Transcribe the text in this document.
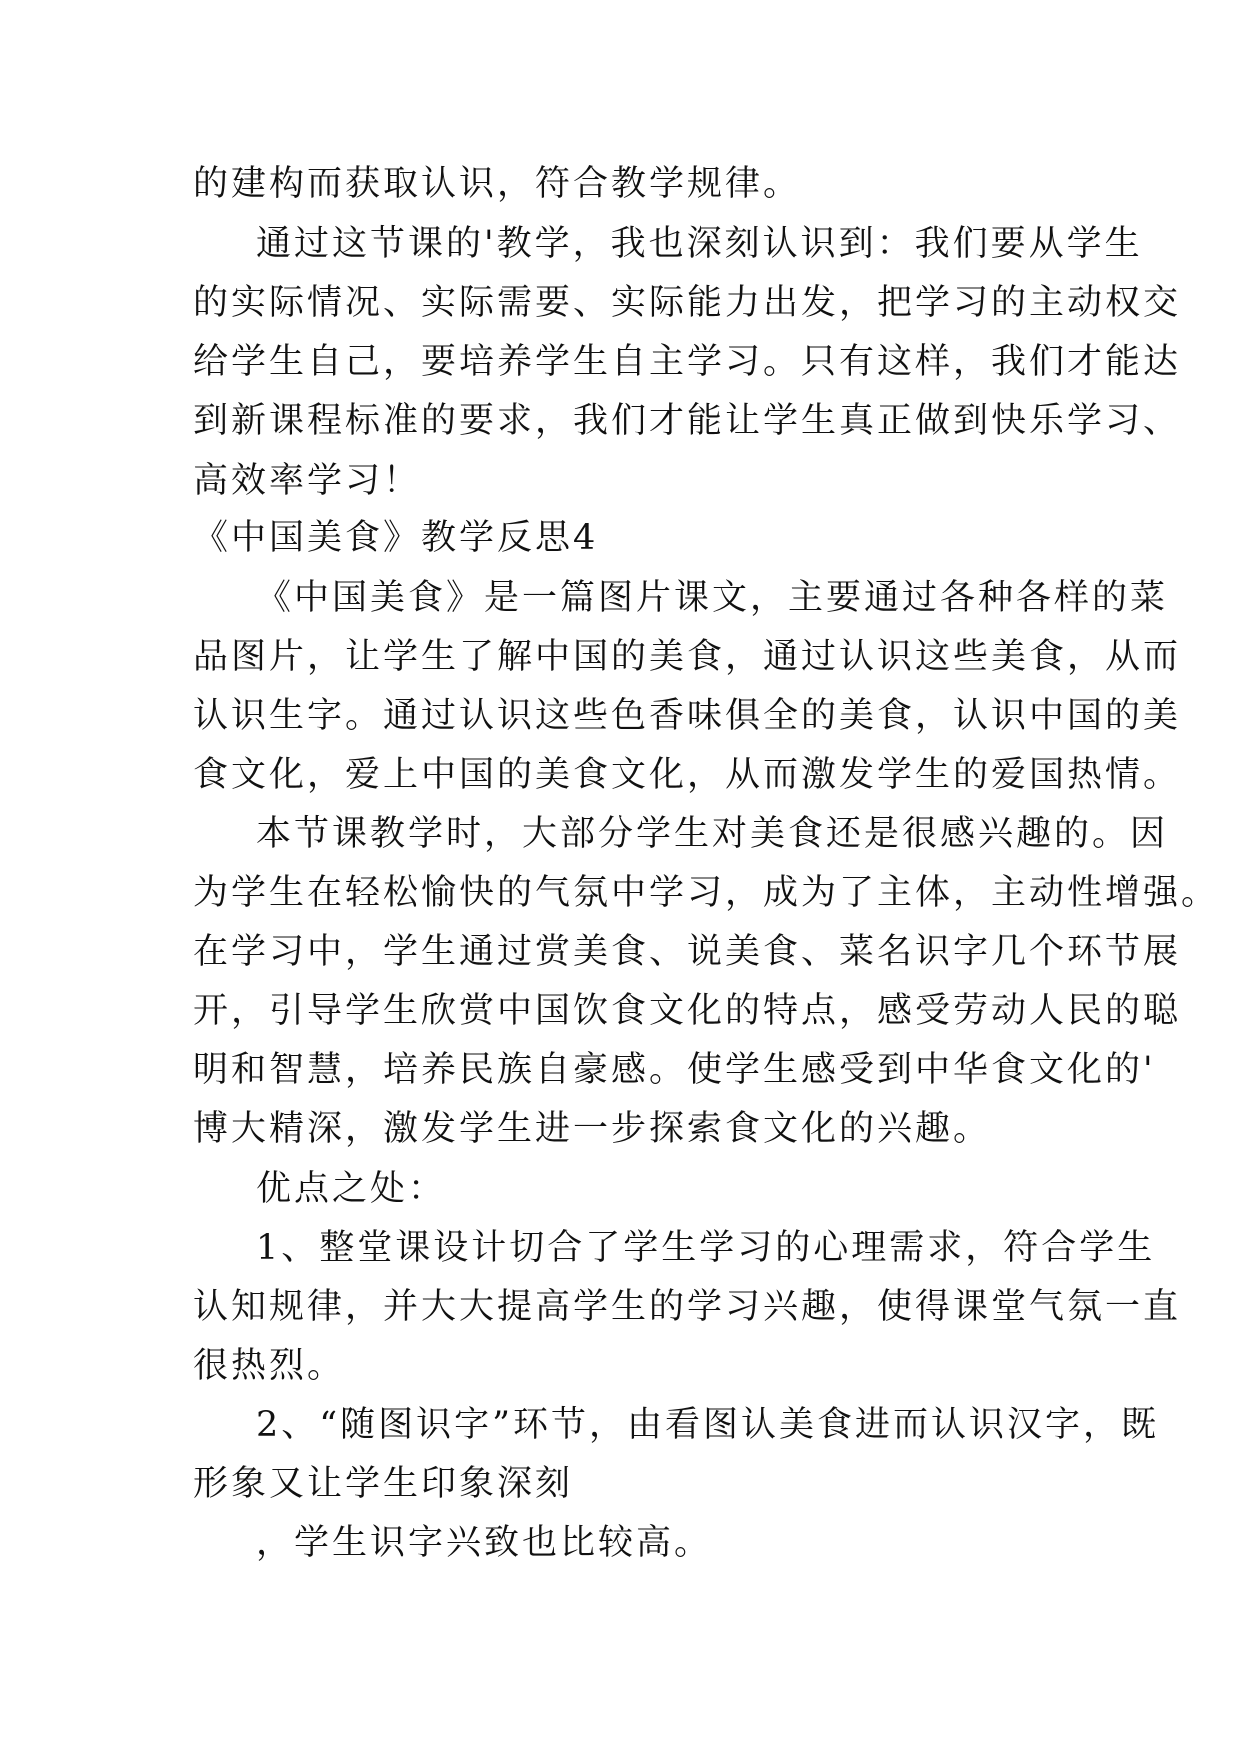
的建构而获取认识，符合教学规律。
通过这节课的'教学，我也深刻认识到：我们要从学生
的实际情况、实际需要、实际能力出发，把学习的主动权交
给学生自己，要培养学生自主学习。只有这样，我们才能达
到新课程标准的要求，我们才能让学生真正做到快乐学习、
高效率学习！
《中国美食》教学反思4
《中国美食》是一篇图片课文，主要通过各种各样的菜
品图片，让学生了解中国的美食，通过认识这些美食，从而
认识生字。通过认识这些色香味俱全的美食，认识中国的美
食文化，爱上中国的美食文化，从而激发学生的爱国热情。
本节课教学时，大部分学生对美食还是很感兴趣的。因
为学生在轻松愉快的气氛中学习，成为了主体，主动性增强。
在学习中，学生通过赏美食、说美食、菜名识字几个环节展
开，引导学生欣赏中国饮食文化的特点，感受劳动人民的聪
明和智慧，培养民族自豪感。使学生感受到中华食文化的'
博大精深，激发学生进一步探索食文化的兴趣。
优点之处：
1、整堂课设计切合了学生学习的心理需求，符合学生
认知规律，并大大提高学生的学习兴趣，使得课堂气氛一直
很热烈。
2、“随图识字”环节，由看图认美食进而认识汉字，既
形象又让学生印象深刻
，学生识字兴致也比较高。
